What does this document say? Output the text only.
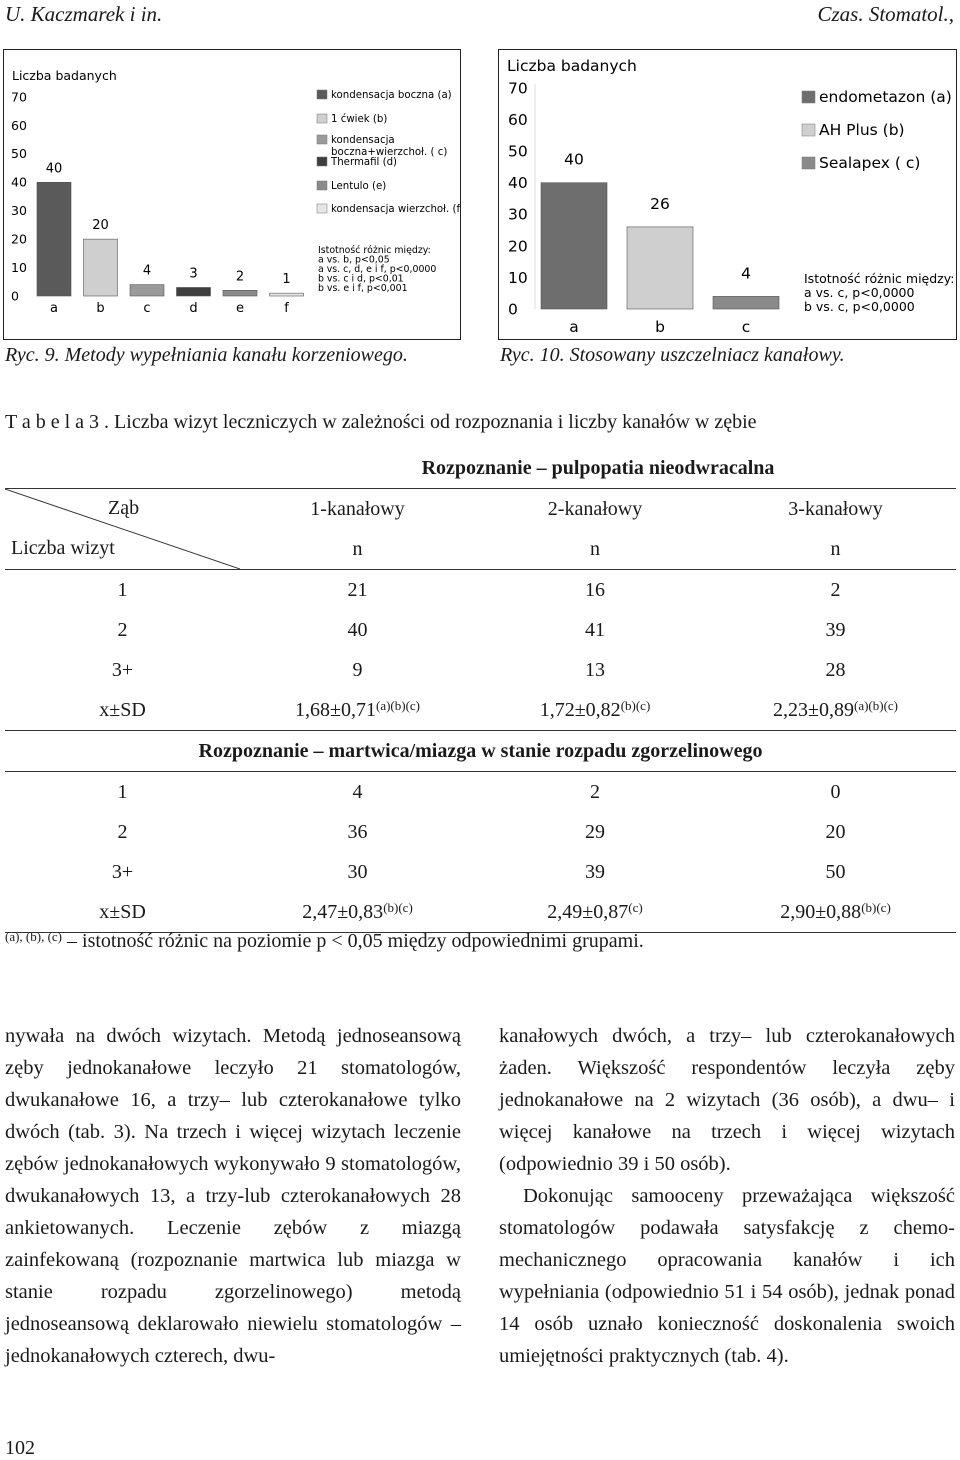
U. Kaczmarek i in.	Czas. Stomatol.,
Liczba badanych
0
10
20
30
40
50
60
70
40
a
20
b
4
c
3
d
2
e
1
f
kondensacja boczna (a)
1 ćwiek (b)
kondensacja
boczna+wierzchoł. ( c)
Thermafil (d)
Lentulo (e)
kondensacja wierzchoł. (f)
Istotność różnic między:
a vs. b, p<0,05
a vs. c, d, e i f, p<0,0000
b vs. c i d, p<0,01
b vs. e i f, p<0,001
Ryc. 9. Metody wypełniania kanału korzeniowego.
Liczba badanych
0
10
20
30
40
50
60
70
40
a
26
b
4
c
endometazon (a)
AH Plus (b)
Sealapex ( c)
Istotność różnic między:
a vs. c, p<0,0000
b vs. c, p<0,0000
Ryc. 10. Stosowany uszczelniacz kanałowy.
T a b e l a 3 . Liczba wizyt leczniczych w zależności od rozpoznania i liczby kanałów w zębie
	Rozpoznanie – pulpopatia nieodwracalna		

Ząb
Liczba wizyt	1-kanałowy	2-kanałowy	3-kanałowy
	n	n	n
1	21	16	2
2	40	41	39
3+	9	13	28
x±SD	$1,68\pm 0,71^{(a)(b)(c)}$	$1,72\pm 0,82^{(b)(c)}$	$2,23\pm 0,89^{(a)(b)(c)}$
Rozpoznanie – martwica/miazga w stanie rozpadu zgorzelinowego			
1	4	2	0
2	36	29	20
3+	30	39	50
x±SD	$2,47\pm 0,83^{(b)(c)}$	$2,49\pm 0,87^{(c)}$	$2,90\pm 0,88^{(b)(c)}$
$^{(a), (b), (c)}$ – istotność różnic na poziomie p < 0,05 między odpowiednimi grupami.
nywała na dwóch wizytach. Metodą jednoseansową zęby jednokanałowe leczyło 21 stomatologów, dwukanałowe 16, a trzy– lub czterokanałowe tylko dwóch (tab. 3). Na trzech i więcej wizytach leczenie zębów jednokanałowych wykonywało 9 stomatologów, dwukanałowych 13, a trzy-lub czterokanałowych 28 ankietowanych. Leczenie zębów z miazgą zainfekowaną (rozpoznanie martwica lub miazga w stanie rozpadu zgorzelinowego) metodą jednoseansową deklarowało niewielu stomatologów – jednokanałowych czterech, dwu-
kanałowych dwóch, a trzy– lub czterokanałowych żaden. Większość respondentów leczyła zęby jednokanałowe na 2 wizytach (36 osób), a dwu– i więcej kanałowe na trzech i więcej wizytach (odpowiednio 39 i 50 osób).
Dokonując samooceny przeważająca większość stomatologów podawała satysfakcję z chemo-mechanicznego opracowania kanałów i ich wypełniania (odpowiednio 51 i 54 osób), jednak ponad 14 osób uznało konieczność doskonalenia swoich umiejętności praktycznych (tab. 4).
102
